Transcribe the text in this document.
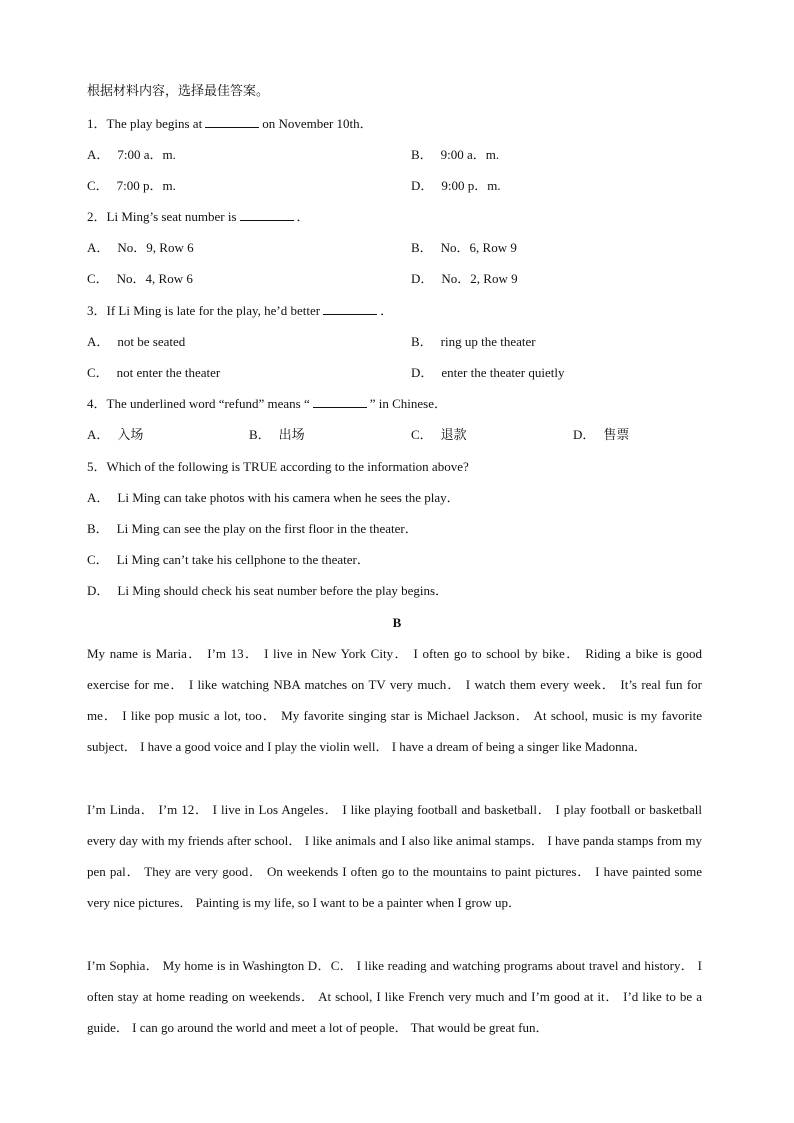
根据材料内容，选择最佳答案。
1．The play begins at	on November 10th．
A． 7:00 a．m.	B． 9:00 a．m.
C． 7:00 p．m.	D． 9:00 p．m.
2．Li Ming’s seat number is	．
A． No．9, Row 6	B． No．6, Row 9
C． No．4, Row 6	D． No．2, Row 9
3．If Li Ming is late for the play, he’d better	．
A． not be seated	B． ring up the theater
C． not enter the theater	D． enter the theater quietly
4．The underlined word “refund” means “	” in Chinese．
A． 入场	B． 出场	C． 退款	D． 售票
5．Which of the following is TRUE according to the information above?
A． Li Ming can take photos with his camera when he sees the play．
B． Li Ming can see the play on the first floor in the theater．
C． Li Ming can’t take his cellphone to the theater．
D． Li Ming should check his seat number before the play begins．
B
My name is Maria． I’m 13． I live in New York City． I often go to school by bike． Riding a bike is good exercise for me． I like watching NBA matches on TV very much． I watch them every week． It’s real fun for me． I like pop music a lot, too． My favorite singing star is Michael Jackson． At school, music is my favorite subject． I have a good voice and I play the violin well． I have a dream of being a singer like Madonna．
I’m Linda． I’m 12． I live in Los Angeles． I like playing football and basketball． I play football or basketball every day with my friends after school． I like animals and I also like animal stamps． I have panda stamps from my pen pal． They are very good． On weekends I often go to the mountains to paint pictures． I have painted some very nice pictures． Painting is my life, so I want to be a painter when I grow up．
I’m Sophia． My home is in Washington D．C． I like reading and watching programs about travel and history． I often stay at home reading on weekends． At school, I like French very much and I’m good at it． I’d like to be a guide． I can go around the world and meet a lot of people． That would be great fun．
